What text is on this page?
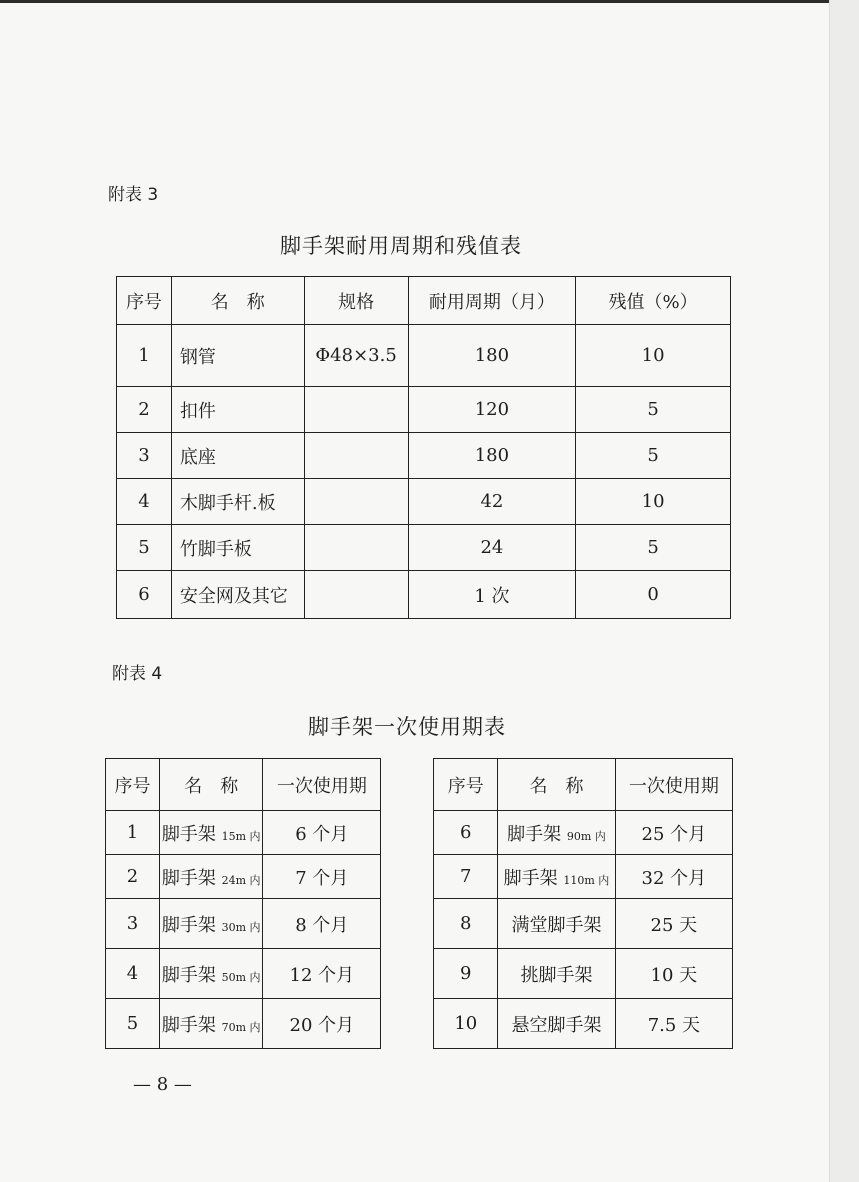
附表 3
脚手架耐用周期和残值表
序号	名　称	规格	耐用周期（月）	残值（%）
1	钢管	Φ48×3.5	180	10
2	扣件		120	5
3	底座		180	5
4	木脚手杆.板		42	10
5	竹脚手板		24	5
6	安全网及其它		1 次	0
附表 4
脚手架一次使用期表
序号	名　称	一次使用期		序号	名　称	一次使用期
1	脚手架 15m 内	6 个月		6	脚手架 90m 内	25 个月
2	脚手架 24m 内	7 个月		7	脚手架 110m 内	32 个月
3	脚手架 30m 内	8 个月		8	满堂脚手架	25 天
4	脚手架 50m 内	12 个月		9	挑脚手架	10 天
5	脚手架 70m 内	20 个月		10	悬空脚手架	7.5 天
— 8 —
